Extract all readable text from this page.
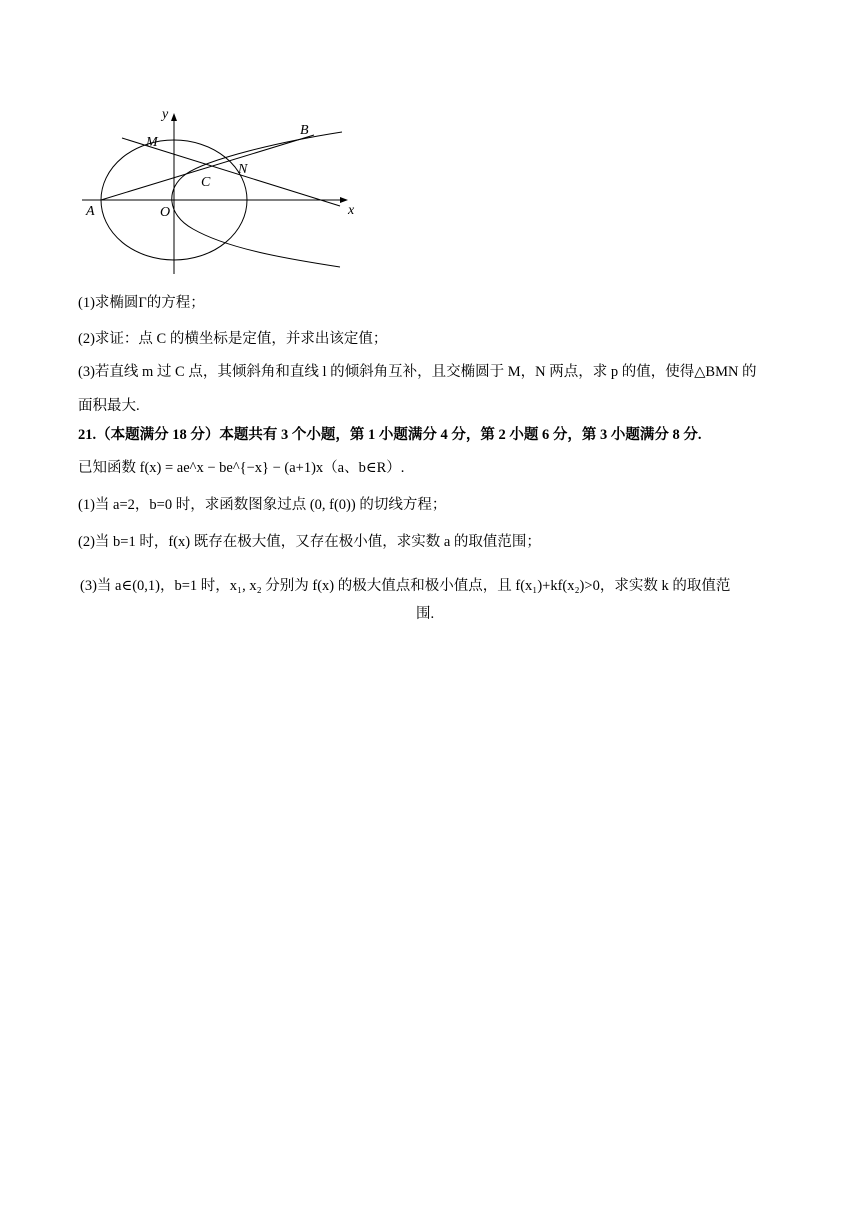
y
x
A	O
M
B
N
C
(1)求椭圆Γ的方程；
(2)求证：点 C 的横坐标是定值，并求出该定值；
(3)若直线 m 过 C 点，其倾斜角和直线 l 的倾斜角互补，且交椭圆于 M，N 两点，求 p 的值，使得△BMN 的
面积最大.
21.（本题满分 18 分）本题共有 3 个小题，第 1 小题满分 4 分，第 2 小题 6 分，第 3 小题满分 8 分.
已知函数 f(x) = ae^x − be^{−x} − (a+1)x（a、b∈R）.
(1)当 a=2，b=0 时，求函数图象过点 (0, f(0)) 的切线方程；
(2)当 b=1 时，f(x) 既存在极大值，又存在极小值，求实数 a 的取值范围；
(3)当 a∈(0,1)，b=1 时，x₁, x₂ 分别为 f(x) 的极大值点和极小值点，且 f(x₁)+kf(x₂)>0，求实数 k 的取值范
围.
